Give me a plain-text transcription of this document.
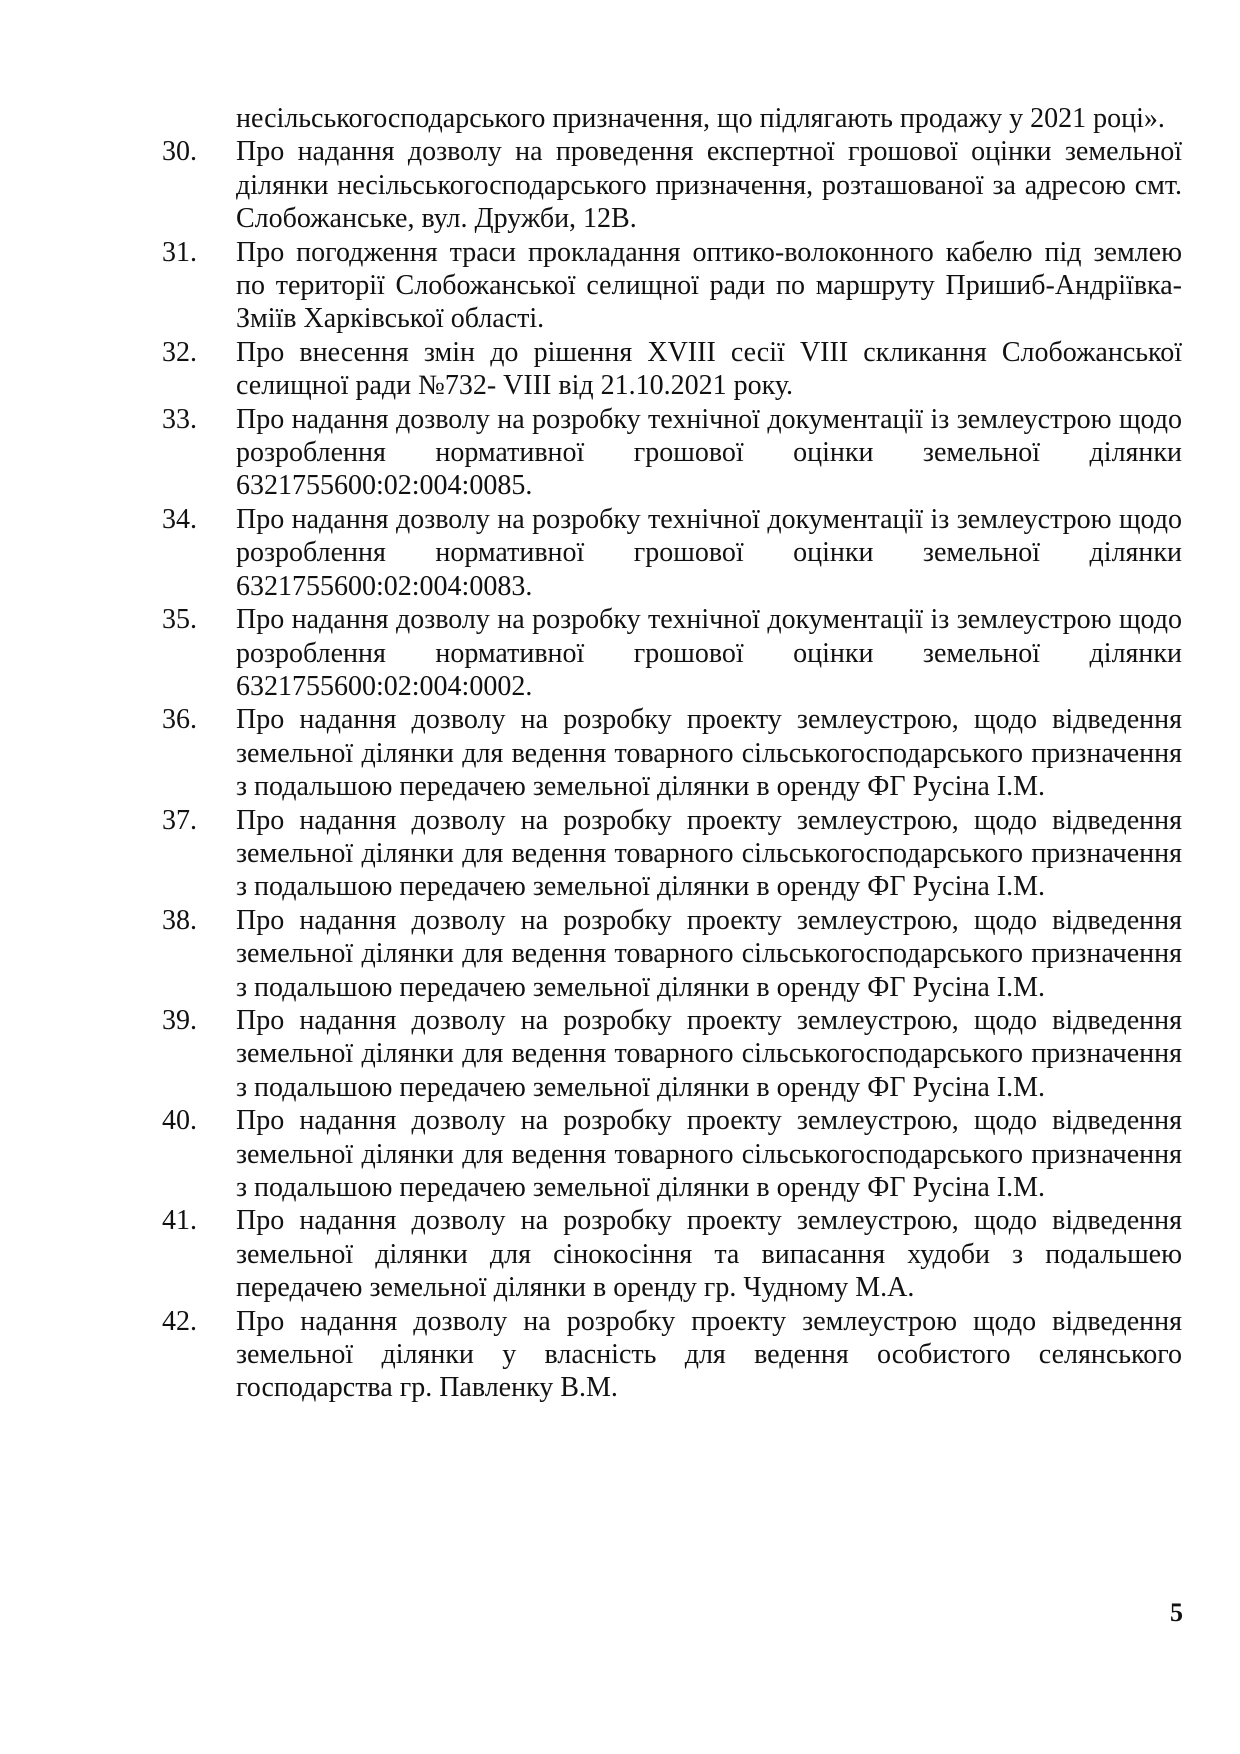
несільськогосподарського призначення, що підлягають продажу у 2021 році».
30. Про надання дозволу на проведення експертної грошової оцінки земельної ділянки несільськогосподарського призначення, розташованої за адресою смт. Слобожанське, вул. Дружби, 12В.
31. Про погодження траси прокладання оптико-волоконного кабелю під землею по території Слобожанської селищної ради по маршруту Пришиб-Андріївка-Зміїв Харківської області.
32. Про внесення змін до рішення XVIII сесії VIII скликання Слобожанської селищної ради №732- VIII від 21.10.2021 року.
33. Про надання дозволу на розробку технічної документації із землеустрою щодо розроблення нормативної грошової оцінки земельної ділянки 6321755600:02:004:0085.
34. Про надання дозволу на розробку технічної документації із землеустрою щодо розроблення нормативної грошової оцінки земельної ділянки 6321755600:02:004:0083.
35. Про надання дозволу на розробку технічної документації із землеустрою щодо розроблення нормативної грошової оцінки земельної ділянки 6321755600:02:004:0002.
36. Про надання дозволу на розробку проекту землеустрою, щодо відведення земельної ділянки для ведення товарного сільськогосподарського призначення з подальшою передачею земельної ділянки в оренду ФГ Русіна І.М.
37. Про надання дозволу на розробку проекту землеустрою, щодо відведення земельної ділянки для ведення товарного сільськогосподарського призначення з подальшою передачею земельної ділянки в оренду ФГ Русіна І.М.
38. Про надання дозволу на розробку проекту землеустрою, щодо відведення земельної ділянки для ведення товарного сільськогосподарського призначення з подальшою передачею земельної ділянки в оренду ФГ Русіна І.М.
39. Про надання дозволу на розробку проекту землеустрою, щодо відведення земельної ділянки для ведення товарного сільськогосподарського призначення з подальшою передачею земельної ділянки в оренду ФГ Русіна І.М.
40. Про надання дозволу на розробку проекту землеустрою, щодо відведення земельної ділянки для ведення товарного сільськогосподарського призначення з подальшою передачею земельної ділянки в оренду ФГ Русіна І.М.
41. Про надання дозволу на розробку проекту землеустрою, щодо відведення земельної ділянки для сінокосіння та випасання худоби з подальшею передачею земельної ділянки в оренду гр. Чудному М.А.
42. Про надання дозволу на розробку проекту землеустрою щодо відведення земельної ділянки у власність для ведення особистого селянського господарства гр. Павленку В.М.
5
